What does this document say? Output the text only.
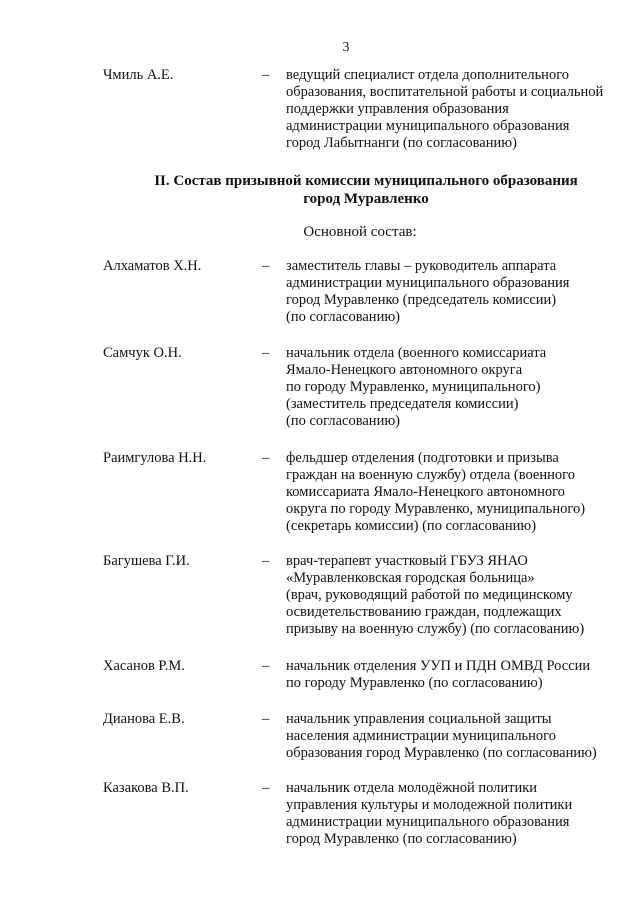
3
Чмиль А.Е.	– ведущий специалист отдела дополнительного
образования, воспитательной работы и социальной
поддержки управления образования
администрации муниципального образования
город Лабытнанги (по согласованию)
II. Состав призывной комиссии муниципального образования
город Муравленко
Основной состав:
Алхаматов Х.Н.	– заместитель главы – руководитель аппарата
администрации муниципального образования
город Муравленко (председатель комиссии)
(по согласованию)
Самчук О.Н.	– начальник отдела (военного комиссариата
Ямало-Ненецкого автономного округа
по городу Муравленко, муниципального)
(заместитель председателя комиссии)
(по согласованию)
Раимгулова Н.Н.	– фельдшер отделения (подготовки и призыва
граждан на военную службу) отдела (военного
комиссариата Ямало-Ненецкого автономного
округа по городу Муравленко, муниципального)
(секретарь комиссии) (по согласованию)
Багушева Г.И.	– врач-терапевт участковый ГБУЗ ЯНАО
«Муравленковская городская больница»
(врач, руководящий работой по медицинскому
освидетельствованию граждан, подлежащих
призыву на военную службу) (по согласованию)
Хасанов Р.М.	– начальник отделения УУП и ПДН ОМВД России
по городу Муравленко (по согласованию)
Дианова Е.В.	– начальник управления социальной защиты
населения администрации муниципального
образования город Муравленко (по согласованию)
Казакова В.П.	– начальник отдела молодёжной политики
управления культуры и молодежной политики
администрации муниципального образования
город Муравленко (по согласованию)
